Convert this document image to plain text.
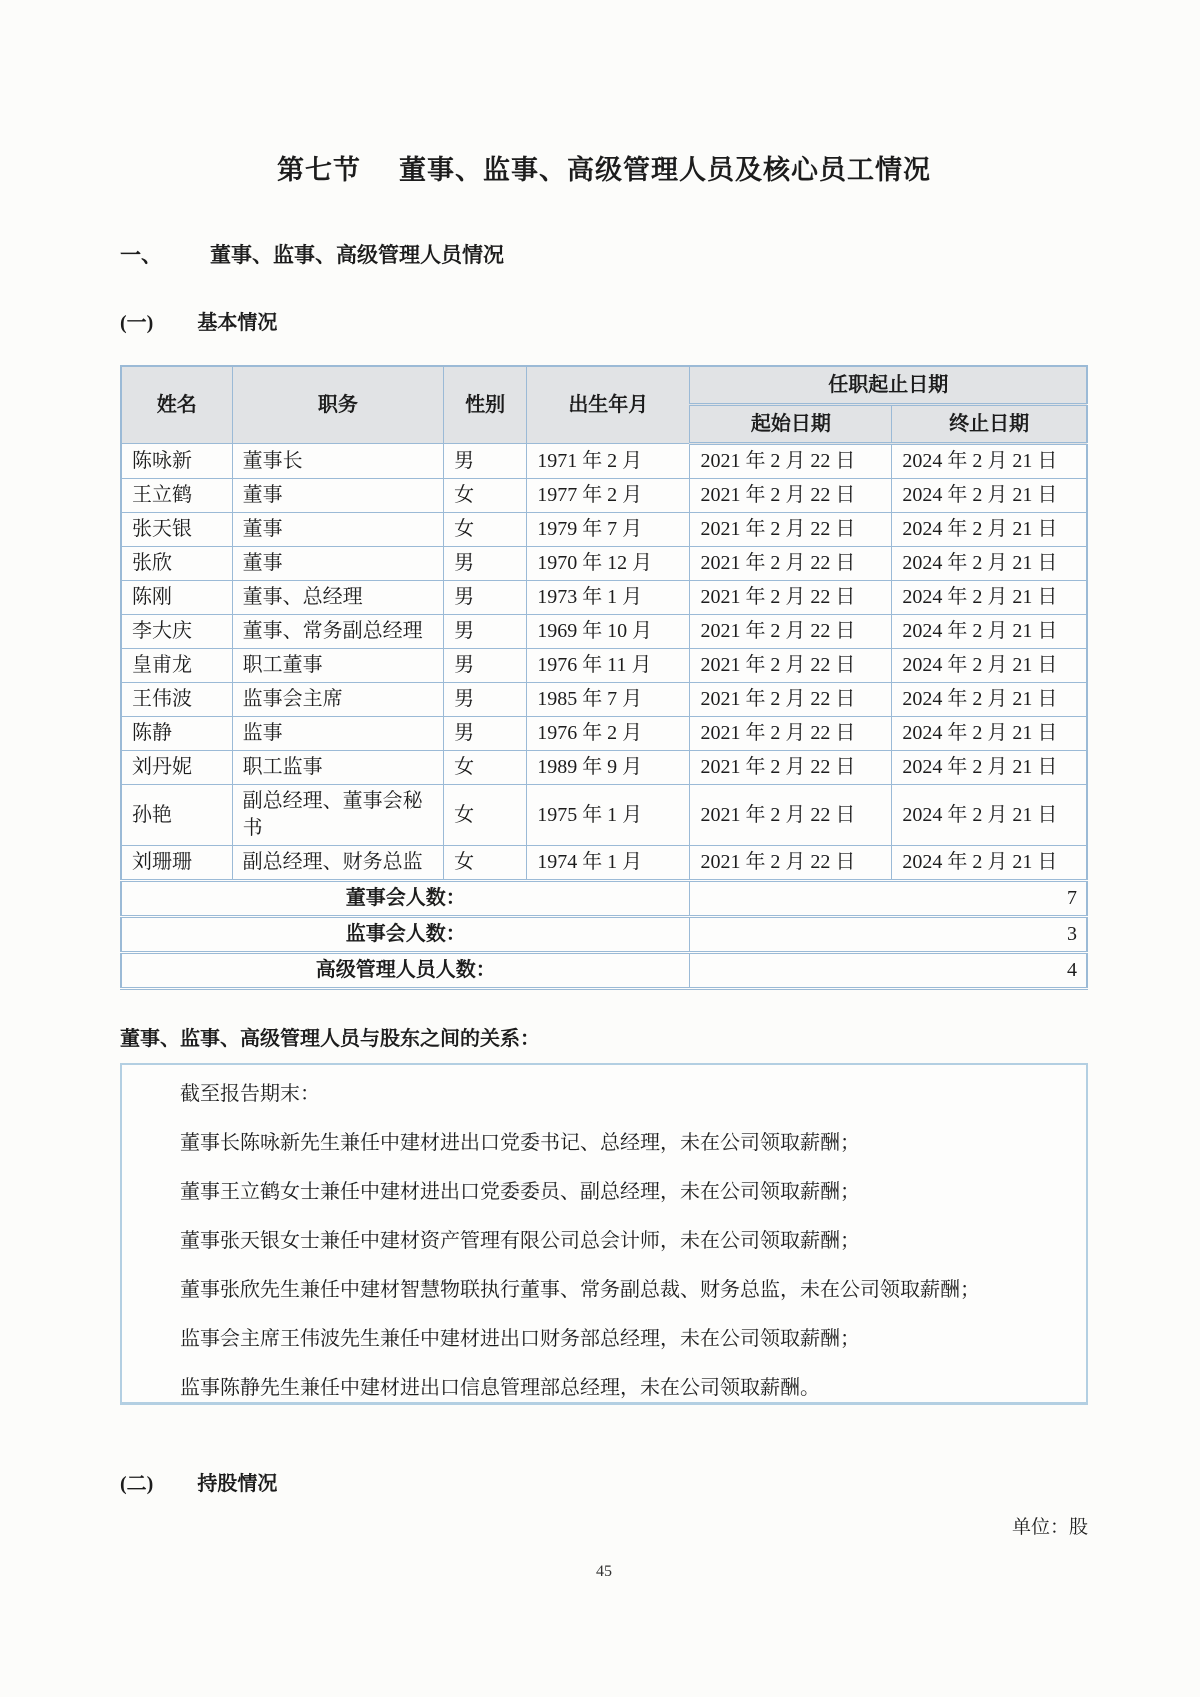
第七节 董事、监事、高级管理人员及核心员工情况
一、 董事、监事、高级管理人员情况
(一) 基本情况
姓名	职务	性别	出生年月	任职起止日期	
				起始日期	终止日期
陈咏新	董事长	男	1971 年 2 月	2021 年 2 月 22 日	2024 年 2 月 21 日
王立鹤	董事	女	1977 年 2 月	2021 年 2 月 22 日	2024 年 2 月 21 日
张天银	董事	女	1979 年 7 月	2021 年 2 月 22 日	2024 年 2 月 21 日
张欣	董事	男	1970 年 12 月	2021 年 2 月 22 日	2024 年 2 月 21 日
陈刚	董事、总经理	男	1973 年 1 月	2021 年 2 月 22 日	2024 年 2 月 21 日
李大庆	董事、常务副总经理	男	1969 年 10 月	2021 年 2 月 22 日	2024 年 2 月 21 日
皇甫龙	职工董事	男	1976 年 11 月	2021 年 2 月 22 日	2024 年 2 月 21 日
王伟波	监事会主席	男	1985 年 7 月	2021 年 2 月 22 日	2024 年 2 月 21 日
陈静	监事	男	1976 年 2 月	2021 年 2 月 22 日	2024 年 2 月 21 日
刘丹妮	职工监事	女	1989 年 9 月	2021 年 2 月 22 日	2024 年 2 月 21 日
孙艳	副总经理、董事会秘书	女	1975 年 1 月	2021 年 2 月 22 日	2024 年 2 月 21 日
刘珊珊	副总经理、财务总监	女	1974 年 1 月	2021 年 2 月 22 日	2024 年 2 月 21 日
董事会人数：				7	
监事会人数：				3	
高级管理人员人数：				4	
董事、监事、高级管理人员与股东之间的关系：

截至报告期末：

董事长陈咏新先生兼任中建材进出口党委书记、总经理，未在公司领取薪酬；

董事王立鹤女士兼任中建材进出口党委委员、副总经理，未在公司领取薪酬；

董事张天银女士兼任中建材资产管理有限公司总会计师，未在公司领取薪酬；

董事张欣先生兼任中建材智慧物联执行董事、常务副总裁、财务总监，未在公司领取薪酬；

监事会主席王伟波先生兼任中建材进出口财务部总经理，未在公司领取薪酬；

监事陈静先生兼任中建材进出口信息管理部总经理，未在公司领取薪酬。

(二) 持股情况
单位：股
45
